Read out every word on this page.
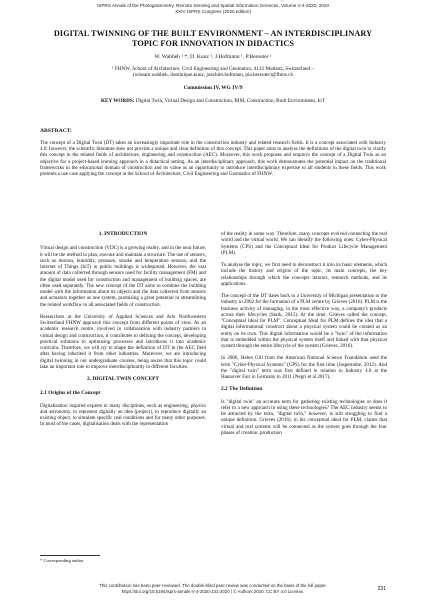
ISPRS Annals of the Photogrammetry, Remote Sensing and Spatial Information Sciences, Volume V-4-2020, 2020
XXIV ISPRS Congress (2020 edition)
DIGITAL TWINNING OF THE BUILT ENVIRONMENT – AN INTERDISCIPLINARY TOPIC FOR INNOVATION IN DIDACTICS
W. Wahbeh ¹ *, D. Kunz ¹, J.Hofmann ¹, P.Bereuter ¹
¹ FHNW, School of Architecture, Civil Engineering and Geomatics, 4132 Muttenz, Switzerland –
(wissam.wahbeh, dominique.kunz, joachim.hofmann, pia.bereuter)@fhnw.ch
Commission IV, WG IV/9
KEY WORDS: Digital Twin, Virtual Design and Construction, BIM, Construction, Built Environment, IoT
ABSTRACT:
The concept of a Digital Twin (DT) takes an increasingly important role in the construction industry and related research fields. It is a concept associated with Industry 4.0; however, the scientific literature does not provide a unique and clear definition of this concept. This paper aims to analyse the definitions of the digital twin to clarify this concept in the related fields of architecture, engineering and construction (AEC). Moreover, this work proposes and employs the concept of a Digital Twin as an objective for a project-based learning approach in a didactical setting. As an interdisciplinary approach, this work demonstrates the potential impact on the traditional frameworks in the educational domain of construction and its value as an opportunity to introduce interdisciplinary expertise to all students in these fields. This work presents a use case applying the concept at the School of Architecture, Civil Engineering and Geomatics of FHNW.
1. INTRODUCTION

Virtual design and construction (VDC) is a growing reality, and in the near future, it will be the method to plan, execute and maintain a structure. The use of sensors, such as motion, humidity, pressure, smoke and temperature sensors, and the Internet of Things (IoT) in public buildings is widespread. However, the vast amount of data collected through sensors used for facility management (FM) and the digital model used for construction and management of building spaces, are often used separately. The new concept of the DT aims to combine the building model with the information about its objects and the data collected from sensors and actuators together as one system, promising a great potential in streamlining the related workflow in all associated fields of construction.

Researchers at the University of Applied Sciences and Arts Northwestern Switzerland FHNW approach this concept from different points of view. As an academic research centre, involved in collaboration with industry partners in virtual design and construction, it contributes to defining the concept, developing practical solutions to optimising processes and introduces it into academic curricula. Therefore, we will try to shape the definition of DT in the AEC field after having inherited it from other industries. Moreover, we are introducing digital twinning in our undergraduate courses, being aware that this topic could take an important role to improve interdisciplinarity in different faculties.

2. DIGITAL TWIN CONCEPT
2.1 Origins of the Concept

Digitalisation inspired experts in many disciplines, such as engineering, physics and astronomy, to represent digitally an idea (project), to reproduce digitally an existing object, to simulate specific real conditions and for many other purposes. In most of the cases, digitalisation deals with the representation

of the reality in some way. Therefore, many concepts evolved connecting the real world and the virtual world. We can identify the following ones: Cyber-Physical Systems (CPS) and the Conceptual Ideal for Product Lifecycle Management (PLM).

To analyse the topic, we first need to deconstruct it into its basic elements, which include the history and origins of the topic, its main concepts, the key relationships through which the concepts interact, research methods, and its applications.

The concept of the DT dates back to a University of Michigan presentation to the industry in 2002 for the formation of a PLM centre by Grieves (2016). PLM is the business activity of managing, in the most effective way, a company's products across their lifecycles (Stark, 2015). At the time, Grieves called the concept, "Conceptual Ideal for PLM". Conceptual Ideal for PLM defines the idea that a digital informational construct about a physical system could be created as an entity on its own. This digital information would be a "twin" of the information that is embedded within the physical system itself and linked with that physical system through the entire lifecycle of the system (Grieves, 2016).

In 2006, Helen Gill from the American National Science Foundation used the term "Cyber-Physical Systems" (CPS) for the first time (Jaspernéite, 2012). And the "digital twin" term was first defined in relation to Industry 4.0 at the Hannover Fair in Germany in 2011 (Negri et al 2017).

2.2 The Definition

Is "digital twin" an accurate term for gathering existing technologies or does it refer to a new approach to using these technologies? The AEC industry seems to be attracted by the term, "digital twin," however, is still struggling to find a unique definition. Grieves (2016), in his conceptual ideal for PLM, claims that virtual and real systems will be connected as the system goes through the four phases of creation, production

* Corresponding author
This contribution has been peer-reviewed. The double-blind peer-review was conducted on the basis of the full paper.
https://doi.org/10.5194/isprs-annals-V-4-2020-231-2020 | © Authors 2020. CC BY 4.0 License.	231
